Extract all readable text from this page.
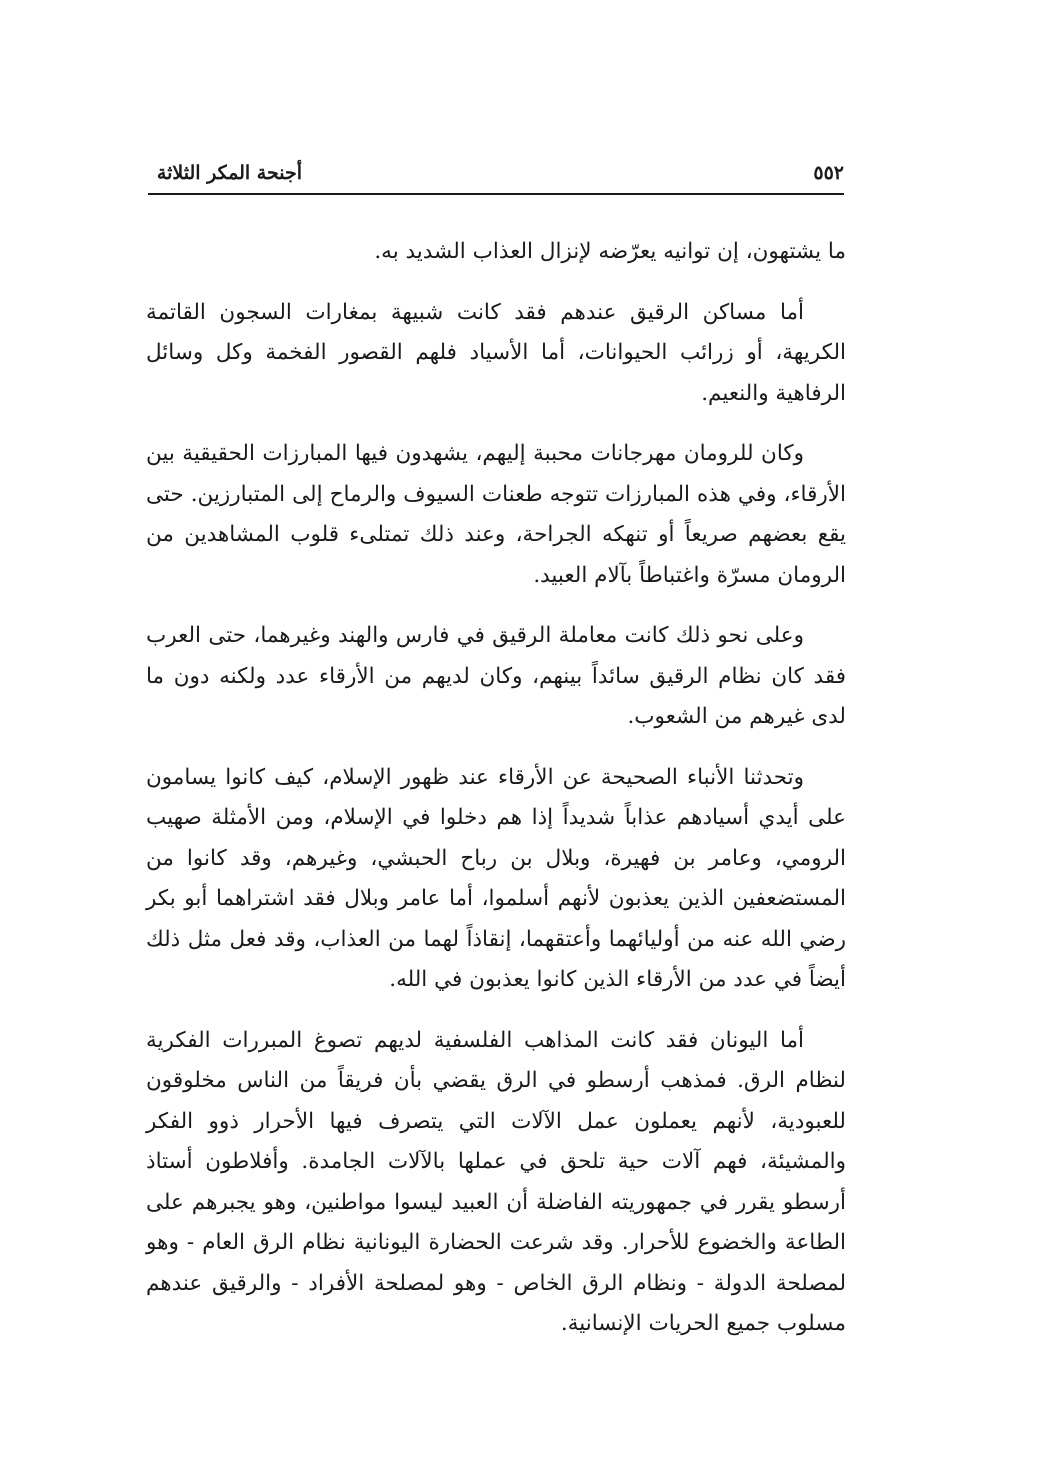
أجنحة المكر الثلاثة	٥٥٢

ما يشتهون، إن توانيه يعرّضه لإنزال العذاب الشديد به.

أما مساكن الرقيق عندهم فقد كانت شبيهة بمغارات السجون القاتمة الكريهة، أو زرائب الحيوانات، أما الأسياد فلهم القصور الفخمة وكل وسائل الرفاهية والنعيم.

وكان للرومان مهرجانات محببة إليهم، يشهدون فيها المبارزات الحقيقية بين الأرقاء، وفي هذه المبارزات تتوجه طعنات السيوف والرماح إلى المتبارزين. حتى يقع بعضهم صريعاً أو تنهكه الجراحة، وعند ذلك تمتلىء قلوب المشاهدين من الرومان مسرّة واغتباطاً بآلام العبيد.

وعلى نحو ذلك كانت معاملة الرقيق في فارس والهند وغيرهما، حتى العرب فقد كان نظام الرقيق سائداً بينهم، وكان لديهم من الأرقاء عدد ولكنه دون ما لدى غيرهم من الشعوب.

وتحدثنا الأنباء الصحيحة عن الأرقاء عند ظهور الإسلام، كيف كانوا يسامون على أيدي أسيادهم عذاباً شديداً إذا هم دخلوا في الإسلام، ومن الأمثلة صهيب الرومي، وعامر بن فهيرة، وبلال بن رباح الحبشي، وغيرهم، وقد كانوا من المستضعفين الذين يعذبون لأنهم أسلموا، أما عامر وبلال فقد اشتراهما أبو بكر رضي الله عنه من أوليائهما وأعتقهما، إنقاذاً لهما من العذاب، وقد فعل مثل ذلك أيضاً في عدد من الأرقاء الذين كانوا يعذبون في الله.

أما اليونان فقد كانت المذاهب الفلسفية لديهم تصوغ المبررات الفكرية لنظام الرق. فمذهب أرسطو في الرق يقضي بأن فريقاً من الناس مخلوقون للعبودية، لأنهم يعملون عمل الآلات التي يتصرف فيها الأحرار ذوو الفكر والمشيئة، فهم آلات حية تلحق في عملها بالآلات الجامدة. وأفلاطون أستاذ أرسطو يقرر في جمهوريته الفاضلة أن العبيد ليسوا مواطنين، وهو يجبرهم على الطاعة والخضوع للأحرار. وقد شرعت الحضارة اليونانية نظام الرق العام - وهو لمصلحة الدولة - ونظام الرق الخاص - وهو لمصلحة الأفراد - والرقيق عندهم مسلوب جميع الحريات الإنسانية.
